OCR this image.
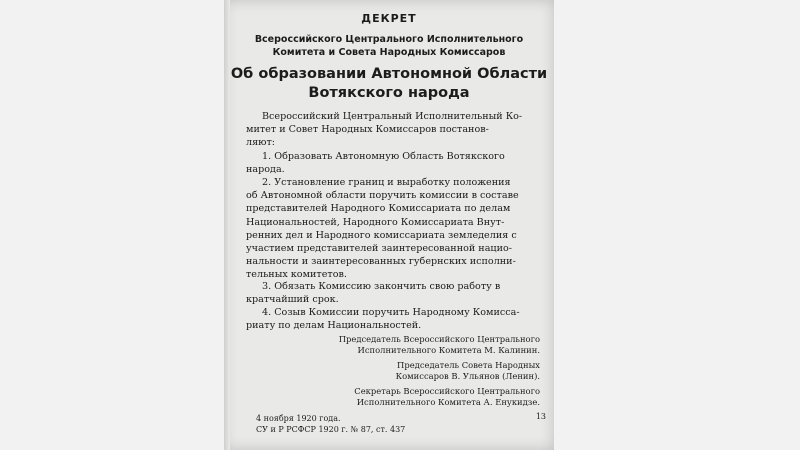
ДЕКРЕТ
Всероссийского Центрального Исполнительного
Комитета и Совета Народных Комиссаров
Об образовании Автономной Области
Вотякского народа
Всероссийский Центральный Исполнительный Ко-
митет и Совет Народных Комиссаров постанов-
ляют:
1. Образовать Автономную Область Вотякского
народа.
2. Установление границ и выработку положения
об Автономной области поручить комиссии в составе
представителей Народного Комиссариата по делам
Национальностей, Народного Комиссариата Внут-
ренних дел и Народного комиссариата земледелия с
участием представителей заинтересованной нацио-
нальности и заинтересованных губернских исполни-
тельных комитетов.
3. Обязать Комиссию закончить свою работу в
кратчайший срок.
4. Созыв Комиссии поручить Народному Комисса-
риату по делам Национальностей.
Председатель Всероссийского Центрального
Исполнительного Комитета М. Калинин.
Председатель Совета Народных
Комиссаров В. Ульянов (Ленин).
Секретарь Всероссийского Центрального
Исполнительного Комитета А. Енукидзе.
4 ноября 1920 года.
СУ и Р РСФСР 1920 г. № 87, ст. 437
13
